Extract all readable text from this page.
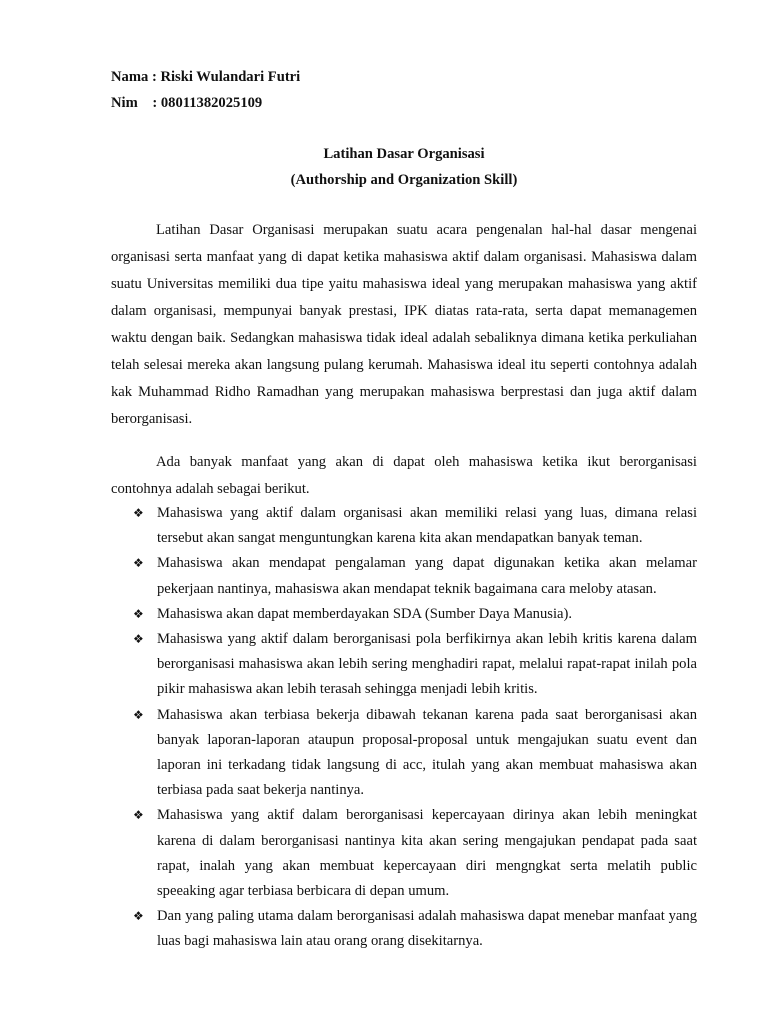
Nama : Riski Wulandari Futri
Nim    : 08011382025109
Latihan Dasar Organisasi
(Authorship and Organization Skill)

Latihan Dasar Organisasi merupakan suatu acara pengenalan hal-hal dasar mengenai organisasi serta manfaat yang di dapat ketika mahasiswa aktif dalam organisasi. Mahasiswa dalam suatu Universitas memiliki dua tipe yaitu mahasiswa ideal yang merupakan mahasiswa yang aktif dalam organisasi, mempunyai banyak prestasi, IPK diatas rata-rata, serta dapat memanagemen waktu dengan baik. Sedangkan mahasiswa tidak ideal adalah sebaliknya dimana ketika perkuliahan telah selesai mereka akan langsung pulang kerumah. Mahasiswa ideal itu seperti contohnya adalah kak Muhammad Ridho Ramadhan yang merupakan mahasiswa berprestasi dan juga aktif dalam berorganisasi.

Ada banyak manfaat yang akan di dapat oleh mahasiswa ketika ikut berorganisasi contohnya adalah sebagai berikut.

❖ Mahasiswa yang aktif dalam organisasi akan memiliki relasi yang luas, dimana relasi tersebut akan sangat menguntungkan karena kita akan mendapatkan banyak teman.
❖ Mahasiswa akan mendapat pengalaman yang dapat digunakan ketika akan melamar pekerjaan nantinya, mahasiswa akan mendapat teknik bagaimana cara meloby atasan.
❖ Mahasiswa akan dapat memberdayakan SDA (Sumber Daya Manusia).
❖ Mahasiswa yang aktif dalam berorganisasi pola berfikirnya akan lebih kritis karena dalam berorganisasi mahasiswa akan lebih sering menghadiri rapat, melalui rapat-rapat inilah pola pikir mahasiswa akan lebih terasah sehingga menjadi lebih kritis.
❖ Mahasiswa akan terbiasa bekerja dibawah tekanan karena pada saat berorganisasi akan banyak laporan-laporan ataupun proposal-proposal untuk mengajukan suatu event dan laporan ini terkadang tidak langsung di acc, itulah yang akan membuat mahasiswa akan terbiasa pada saat bekerja nantinya.
❖ Mahasiswa yang aktif dalam berorganisasi kepercayaan dirinya akan lebih meningkat karena di dalam berorganisasi nantinya kita akan sering mengajukan pendapat pada saat rapat, inalah yang akan membuat kepercayaan diri mengngkat serta melatih public speeaking agar terbiasa berbicara di depan umum.
❖ Dan yang paling utama dalam berorganisasi adalah mahasiswa dapat menebar manfaat yang luas bagi mahasiswa lain atau orang orang disekitarnya.
